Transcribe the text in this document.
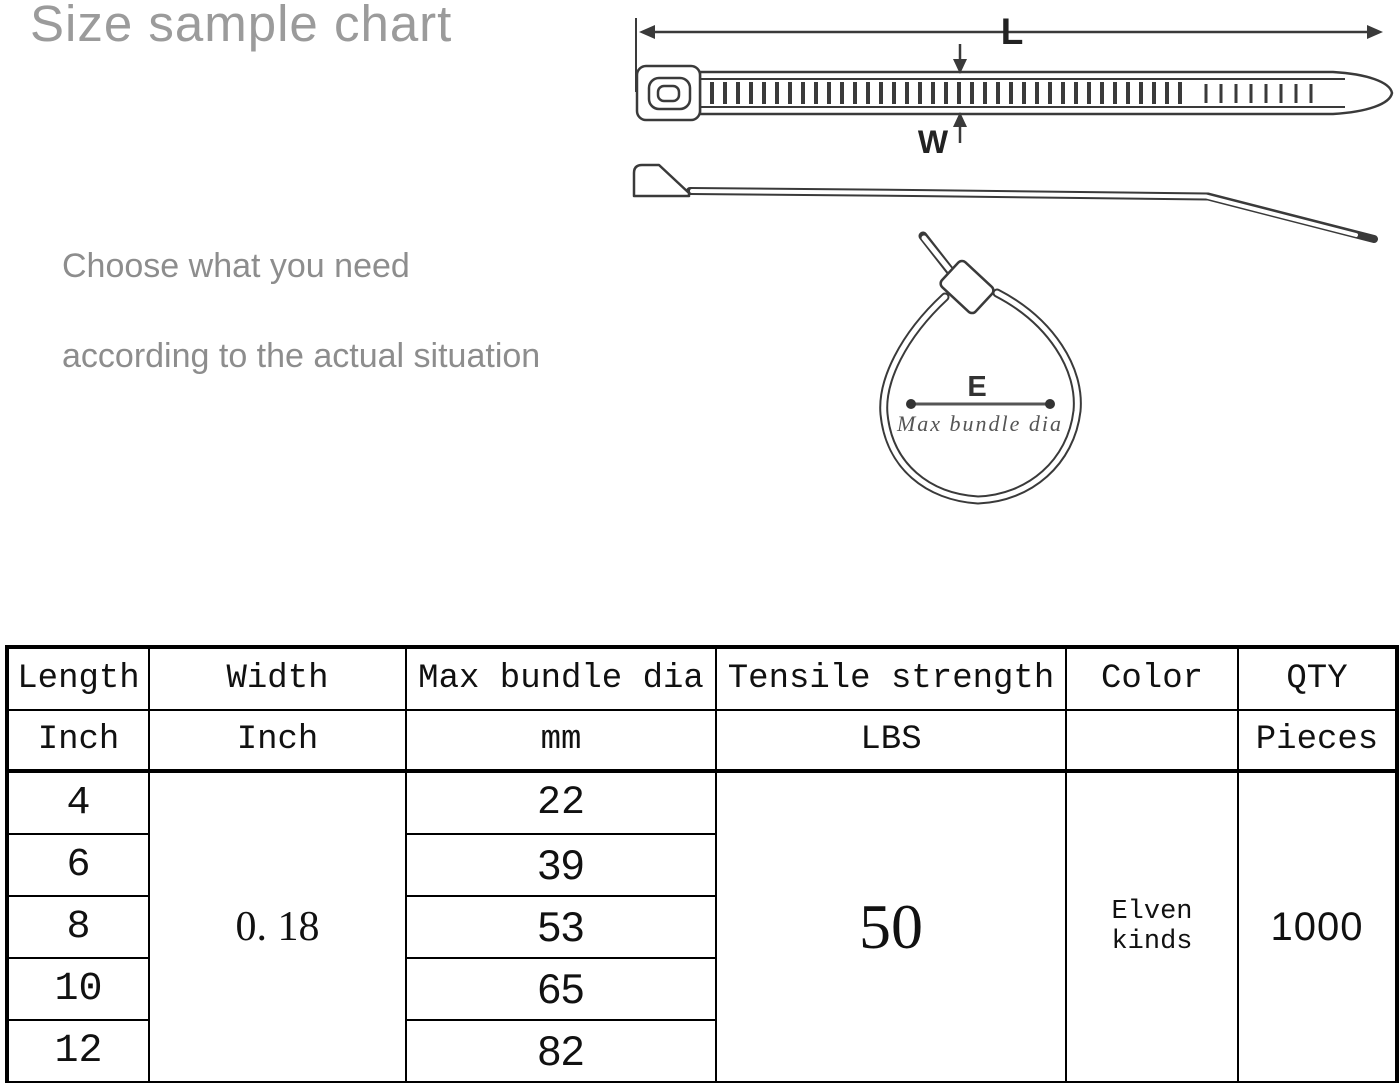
Size sample chart

Choose what you need

according to the actual situation

L
W
E
Max bundle dia
Length	Width	Max bundle dia	Tensile strength	Color	QTY
Inch	Inch	mm	LBS		Pieces
4	0. 18	22	50	Elven kinds	1000
6		39			
8		53			
10		65			
12		82			
